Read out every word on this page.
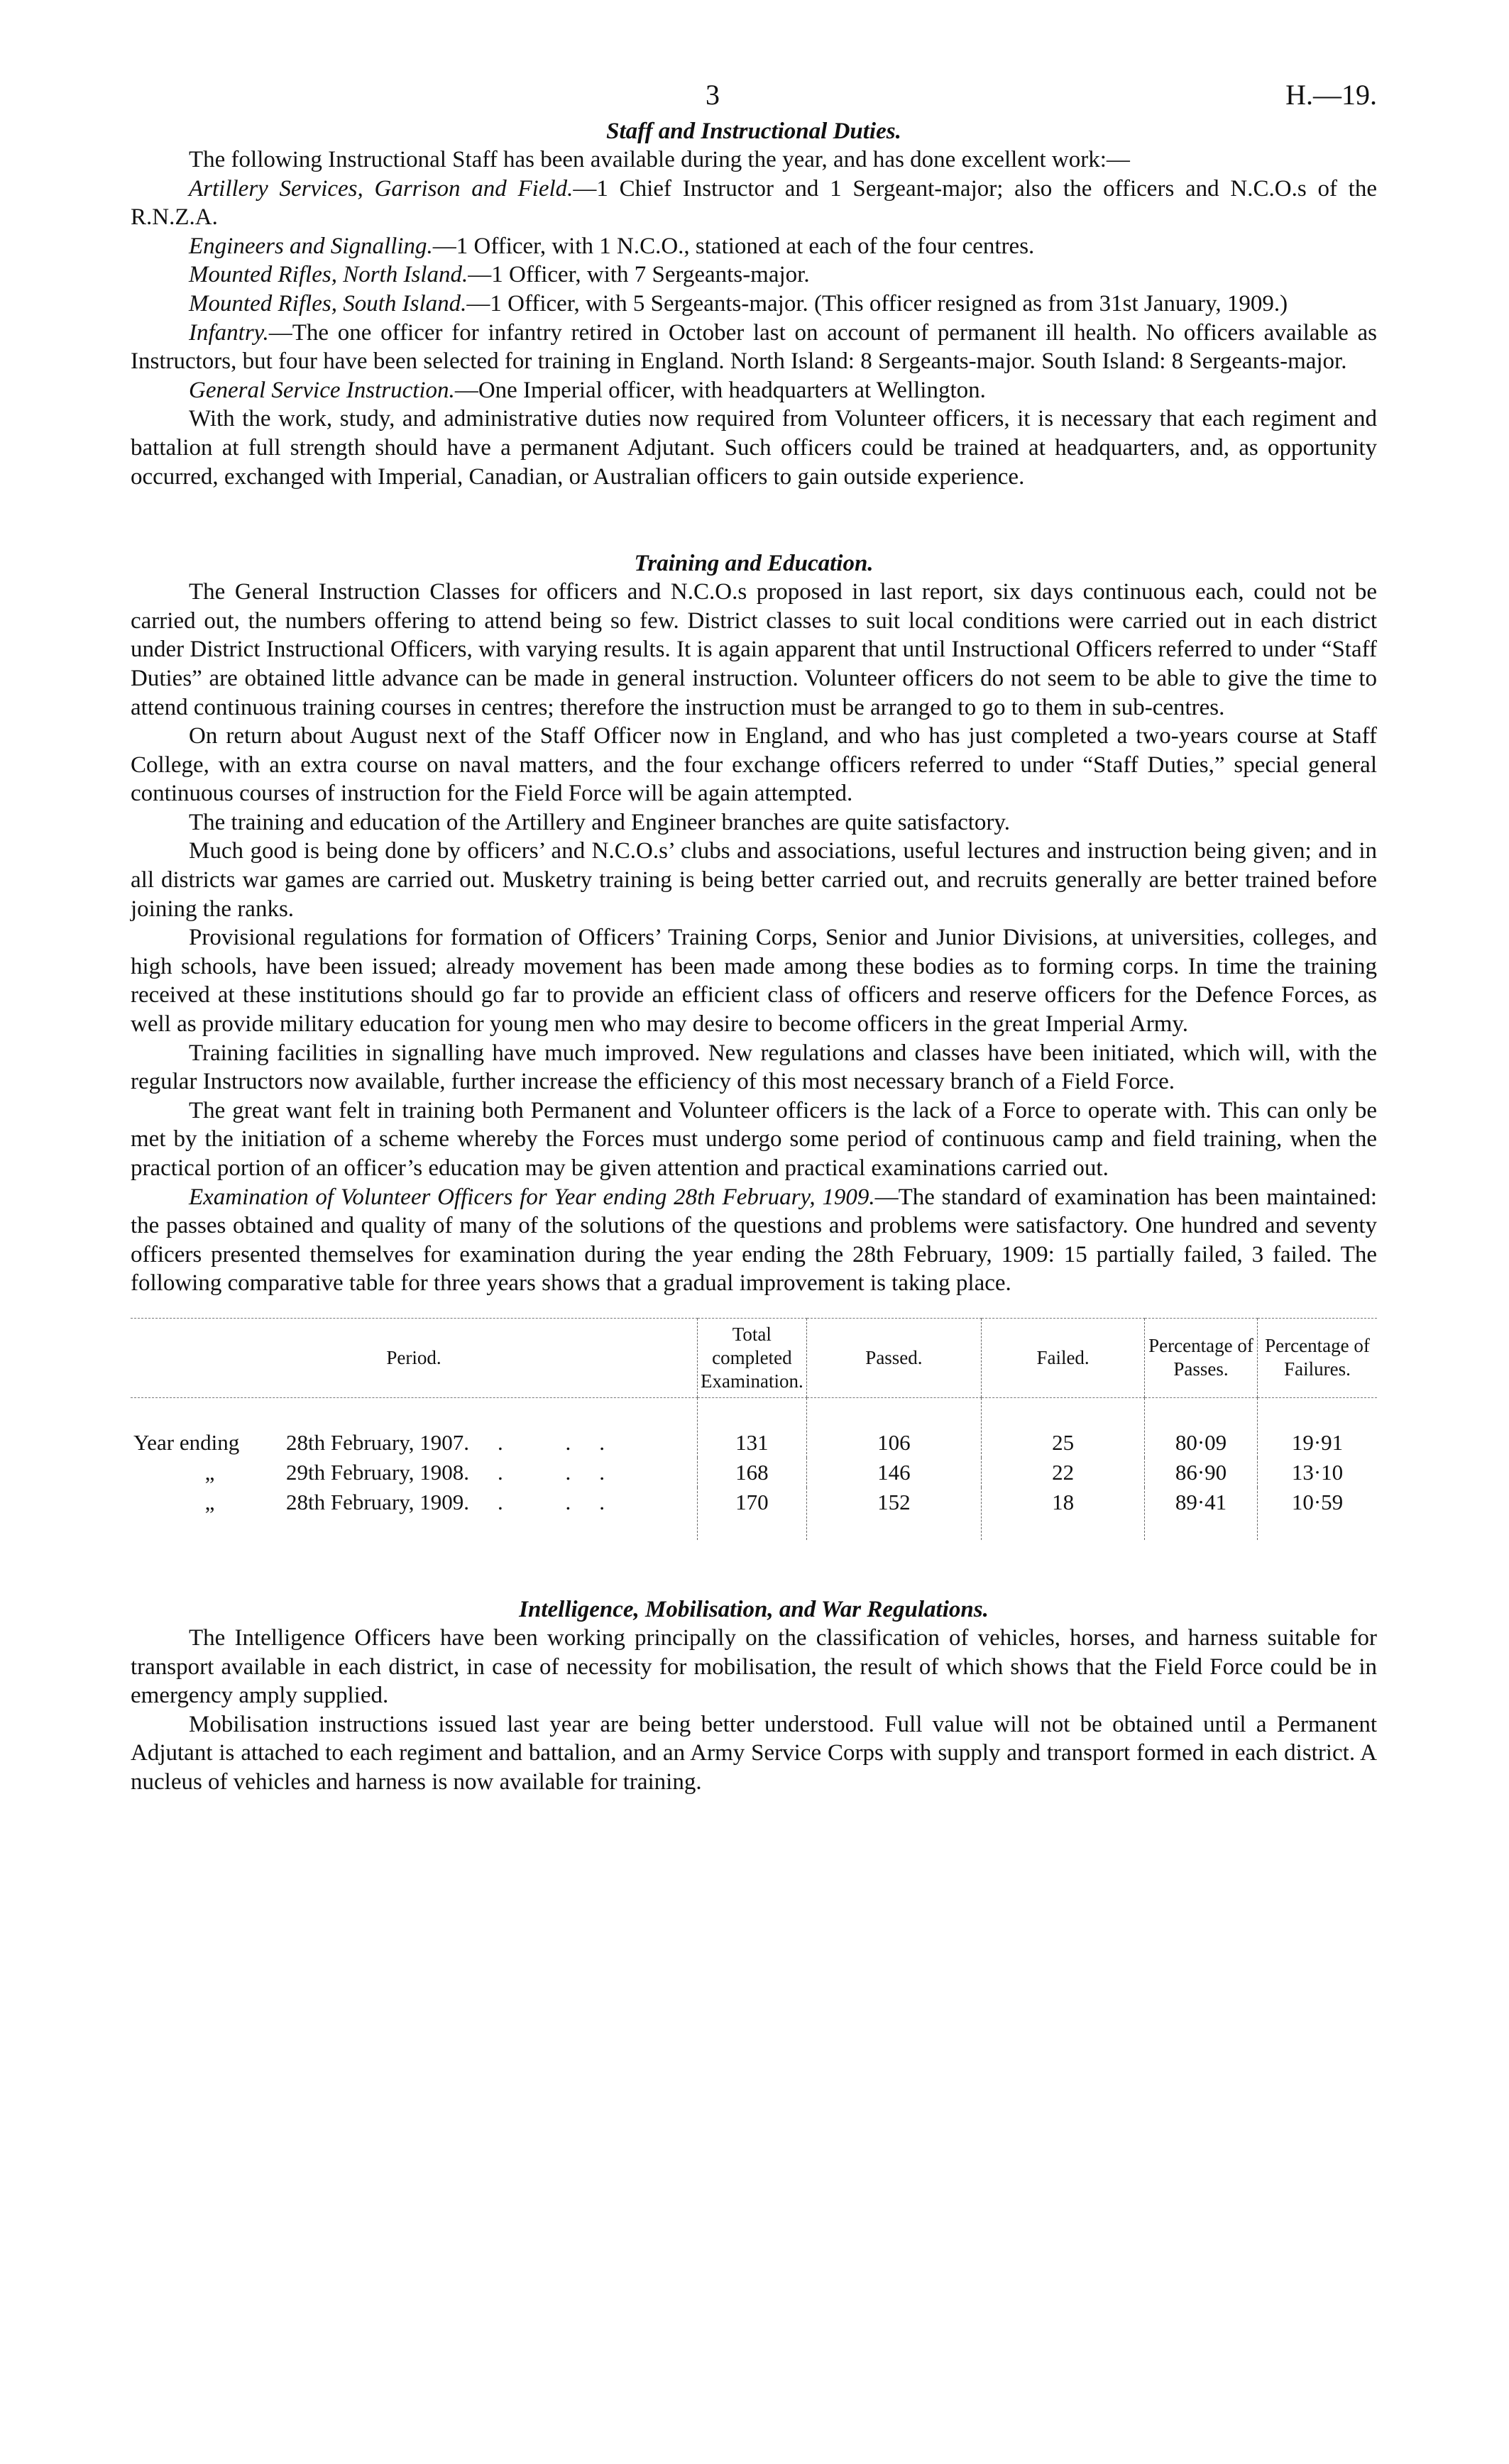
3	H.—19.
Staff and Instructional Duties.

The following Instructional Staff has been available during the year, and has done excellent work:—

Artillery Services, Garrison and Field.—1 Chief Instructor and 1 Sergeant-major; also the officers and N.C.O.s of the R.N.Z.A.

Engineers and Signalling.—1 Officer, with 1 N.C.O., stationed at each of the four centres.

Mounted Rifles, North Island.—1 Officer, with 7 Sergeants-major.

Mounted Rifles, South Island.—1 Officer, with 5 Sergeants-major. (This officer resigned as from 31st January, 1909.)

Infantry.—The one officer for infantry retired in October last on account of permanent ill health. No officers available as Instructors, but four have been selected for training in England. North Island: 8 Sergeants-major. South Island: 8 Sergeants-major.

General Service Instruction.—One Imperial officer, with headquarters at Wellington.

With the work, study, and administrative duties now required from Volunteer officers, it is necessary that each regiment and battalion at full strength should have a permanent Adjutant. Such officers could be trained at headquarters, and, as opportunity occurred, exchanged with Imperial, Canadian, or Australian officers to gain outside experience.

Training and Education.

The General Instruction Classes for officers and N.C.O.s proposed in last report, six days continuous each, could not be carried out, the numbers offering to attend being so few. District classes to suit local conditions were carried out in each district under District Instructional Officers, with varying results. It is again apparent that until Instructional Officers referred to under “Staff Duties” are obtained little advance can be made in general instruction. Volunteer officers do not seem to be able to give the time to attend continuous training courses in centres; therefore the instruction must be arranged to go to them in sub-centres.

On return about August next of the Staff Officer now in England, and who has just completed a two-years course at Staff College, with an extra course on naval matters, and the four exchange officers referred to under “Staff Duties,” special general continuous courses of instruction for the Field Force will be again attempted.

The training and education of the Artillery and Engineer branches are quite satisfactory.

Much good is being done by officers’ and N.C.O.s’ clubs and associations, useful lectures and instruction being given; and in all districts war games are carried out. Musketry training is being better carried out, and recruits generally are better trained before joining the ranks.

Provisional regulations for formation of Officers’ Training Corps, Senior and Junior Divisions, at universities, colleges, and high schools, have been issued; already movement has been made among these bodies as to forming corps. In time the training received at these institutions should go far to provide an efficient class of officers and reserve officers for the Defence Forces, as well as provide military education for young men who may desire to become officers in the great Imperial Army.

Training facilities in signalling have much improved. New regulations and classes have been initiated, which will, with the regular Instructors now available, further increase the efficiency of this most necessary branch of a Field Force.

The great want felt in training both Permanent and Volunteer officers is the lack of a Force to operate with. This can only be met by the initiation of a scheme whereby the Forces must undergo some period of continuous camp and field training, when the practical portion of an officer’s education may be given attention and practical examinations carried out.

Examination of Volunteer Officers for Year ending 28th February, 1909.—The standard of examination has been maintained: the passes obtained and quality of many of the solutions of the questions and problems were satisfactory. One hundred and seventy officers presented themselves for examination during the year ending the 28th February, 1909: 15 partially failed, 3 failed. The following comparative table for three years shows that a gradual improvement is taking place.

Period.	Total completed Examination.	Passed.	Failed.	Percentage of Passes.	Percentage of Failures.
Year ending 28th February, 1907.. ..	131	106	25	80·09	19·91
„ 29th February, 1908.. ..	168	146	22	86·90	13·10
„ 28th February, 1909.. ..	170	152	18	89·41	10·59
Intelligence, Mobilisation, and War Regulations.

The Intelligence Officers have been working principally on the classification of vehicles, horses, and harness suitable for transport available in each district, in case of necessity for mobilisation, the result of which shows that the Field Force could be in emergency amply supplied.

Mobilisation instructions issued last year are being better understood. Full value will not be obtained until a Permanent Adjutant is attached to each regiment and battalion, and an Army Service Corps with supply and transport formed in each district. A nucleus of vehicles and harness is now available for training.
